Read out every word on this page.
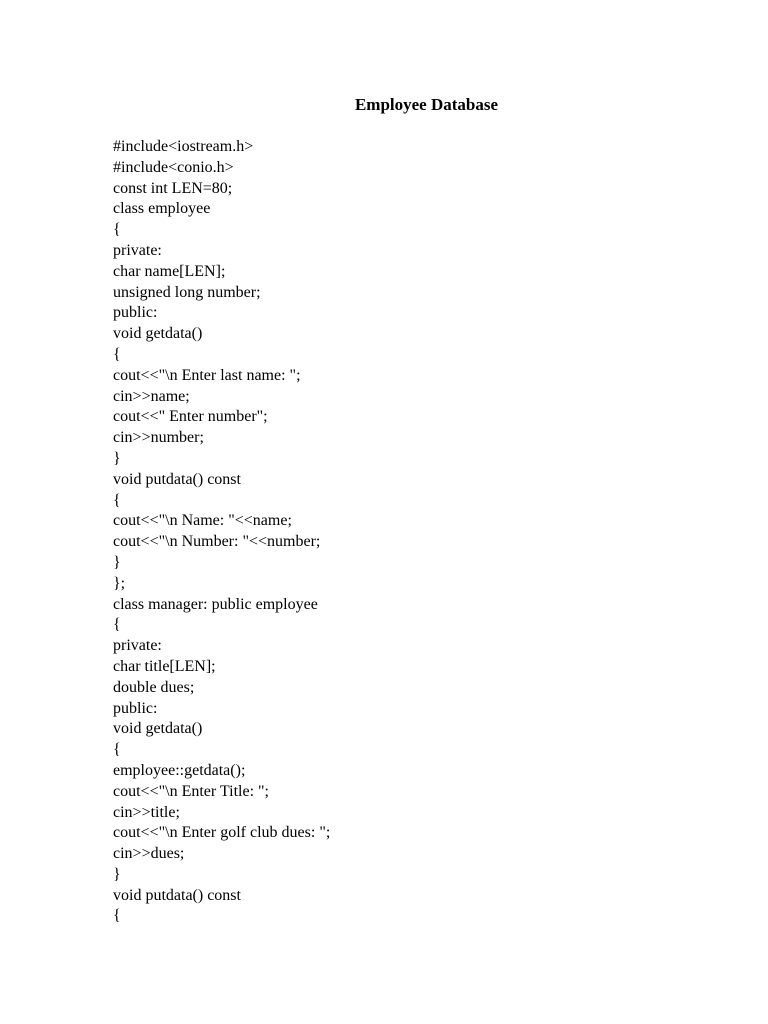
Employee Database
#include<iostream.h>
#include<conio.h>
const int LEN=80;
class employee
{
private:
char name[LEN];
unsigned long number;
public:
void getdata()
{
cout<<"\n Enter last name: ";
cin>>name;
cout<<" Enter number";
cin>>number;
}
void putdata() const
{
cout<<"\n Name: "<<name;
cout<<"\n Number: "<<number;
}
};
class manager: public employee
{
private:
char title[LEN];
double dues;
public:
void getdata()
{
employee::getdata();
cout<<"\n Enter Title: ";
cin>>title;
cout<<"\n Enter golf club dues: ";
cin>>dues;
}
void putdata() const
{
